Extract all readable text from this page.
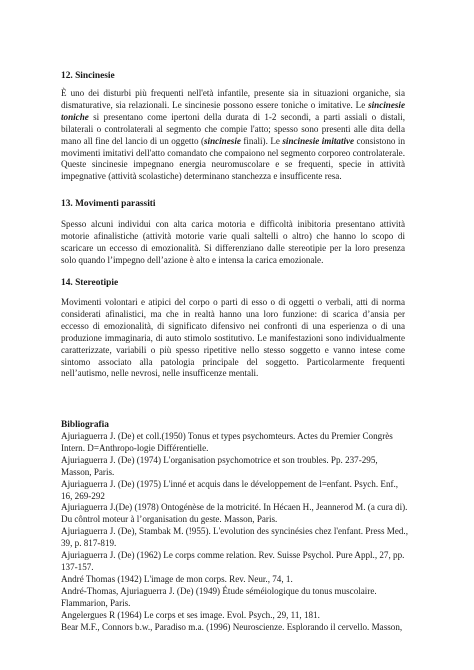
12. Sincinesie

È uno dei disturbi più frequenti nell'età infantile, presente sia in situazioni organiche, sia dismaturative, sia relazionali. Le sincinesie possono essere toniche o imitative. Le sincinesie toniche si presentano come ipertoni della durata di 1-2 secondi, a parti assiali o distali, bilaterali o controlaterali al segmento che compie l'atto; spesso sono presenti alle dita della mano all fine del lancio di un oggetto (sincinesie finali). Le sincinesie imitative consistono in movimenti imitativi dell'atto comandato che compaiono nel segmento corporeo controlaterale. Queste sincinesie impegnano energia neuromuscolare e se frequenti, specie in attività impegnative (attività scolastiche) determinano stanchezza e insufficente resa.

13. Movimenti parassiti

Spesso alcuni individui con alta carica motoria e difficoltà inibitoria presentano attività motorie afinalistiche (attività motorie varie quali saltelli o altro) che hanno lo scopo di scaricare un eccesso di emozionalità. Si differenziano dalle stereotipie per la loro presenza solo quando l’impegno dell’azione è alto e intensa la carica emozionale.

14. Stereotipie

Movimenti volontari e atipici del corpo o parti di esso o di oggetti o verbali, atti di norma considerati afinalistici, ma che in realtà hanno una loro funzione: di scarica d’ansia per eccesso di emozionalità, di significato difensivo nei confronti di una esperienza o di una produzione immaginaria, di auto stimolo sostitutivo. Le manifestazioni sono individualmente caratterizzate, variabili o più spesso ripetitive nello stesso soggetto e vanno intese come sintomo associato alla patologia principale del soggetto. Particolarmente frequenti nell’autismo, nelle nevrosi, nelle insufficenze mentali.

Bibliografia

Ajuriaguerra J. (De) et coll.(1950) Tonus et types psychomteurs. Actes du Premier Congrès Intern. D=Anthropo-logie Différentielle.

Ajuriaguerra J. (De) (1974) L'organisation psychomotrice et son troubles. Pp. 237-295, Masson, Paris.

Ajuriaguerra J. (De) (1975) L'inné et acquis dans le développement de l=enfant. Psych. Enf., 16, 269-292

Ajuriaguerra J.(De) (1978) Ontogénèse de la motricité. In Hécaen H., Jeannerod M. (a cura di). Du côntrol moteur à l’organisation du geste. Masson, Paris.

Ajuriaguerra J. (De), Stambak M. (!955). L'evolution des syncinésies chez l'enfant. Press Med., 39, p. 817-819.

Ajuriaguerra J. (De) (1962) Le corps comme relation. Rev. Suisse Psychol. Pure Appl., 27, pp. 137-157.

André Thomas (1942) L'image de mon corps. Rev. Neur., 74, 1.

André-Thomas, Ajuriaguerra J. (De) (1949) Étude séméiologique du tonus muscolaire. Flammarion, Paris.

Angelergues R (1964) Le corps et ses image. Evol. Psych., 29, 11, 181.

Bear M.F., Connors b.w., Paradiso m.a. (1996) Neuroscienze. Esplorando il cervello. Masson,
